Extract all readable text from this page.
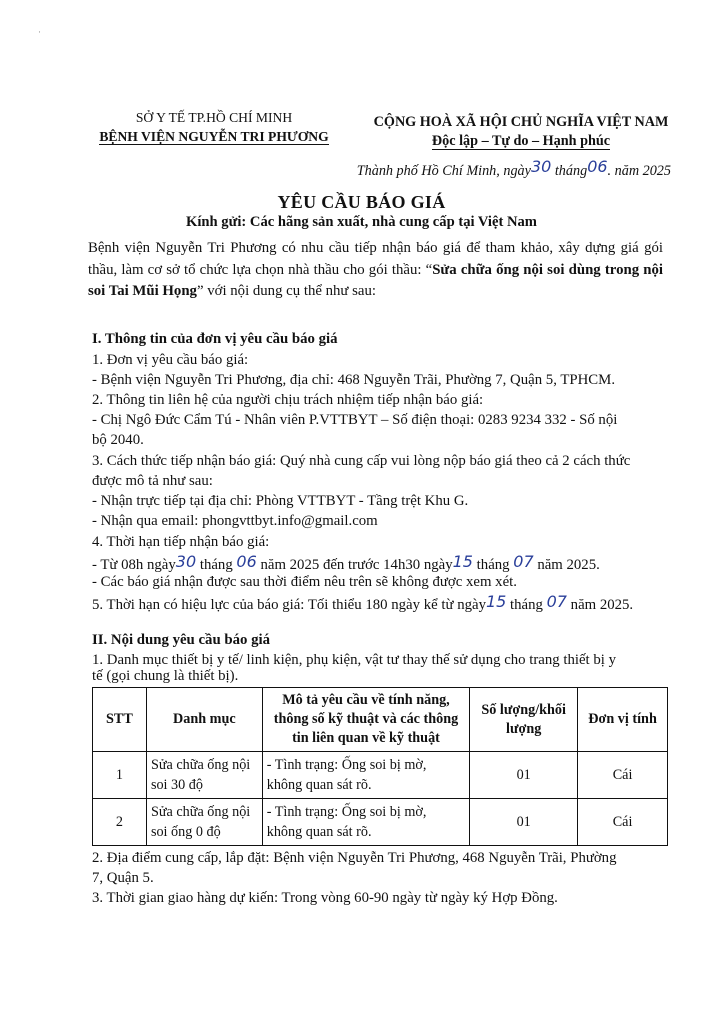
·
SỞ Y TẾ TP.HỒ CHÍ MINH
BỆNH VIỆN NGUYỄN TRI PHƯƠNG
CỘNG HOÀ XÃ HỘI CHỦ NGHĨA VIỆT NAM
Độc lập – Tự do – Hạnh phúc
Thành phố Hồ Chí Minh, ngày30 tháng06. năm 2025
YÊU CẦU BÁO GIÁ
Kính gửi: Các hãng sản xuất, nhà cung cấp tại Việt Nam
Bệnh viện Nguyễn Tri Phương có nhu cầu tiếp nhận báo giá để tham khảo, xây dựng giá gói thầu, làm cơ sở tổ chức lựa chọn nhà thầu cho gói thầu: “Sửa chữa ống nội soi dùng trong nội soi Tai Mũi Họng” với nội dung cụ thể như sau:
I. Thông tin của đơn vị yêu cầu báo giá
1. Đơn vị yêu cầu báo giá:
- Bệnh viện Nguyễn Tri Phương, địa chỉ: 468 Nguyễn Trãi, Phường 7, Quận 5, TPHCM.
2. Thông tin liên hệ của người chịu trách nhiệm tiếp nhận báo giá:
- Chị Ngô Đức Cẩm Tú - Nhân viên P.VTTBYT – Số điện thoại: 0283 9234 332 - Số nội
bộ 2040.
3. Cách thức tiếp nhận báo giá: Quý nhà cung cấp vui lòng nộp báo giá theo cả 2 cách thức
được mô tả như sau:
- Nhận trực tiếp tại địa chỉ: Phòng VTTBYT - Tầng trệt Khu G.
- Nhận qua email: phongvttbyt.info@gmail.com
4. Thời hạn tiếp nhận báo giá:
- Từ 08h ngày30 tháng 06 năm 2025 đến trước 14h30 ngày15 tháng 07 năm 2025.
- Các báo giá nhận được sau thời điểm nêu trên sẽ không được xem xét.
5. Thời hạn có hiệu lực của báo giá: Tối thiểu 180 ngày kể từ ngày15 tháng 07 năm 2025.
II. Nội dung yêu cầu báo giá
1. Danh mục thiết bị y tế/ linh kiện, phụ kiện, vật tư thay thế sử dụng cho trang thiết bị y
tế (gọi chung là thiết bị).
STT	Danh mục	Mô tả yêu cầu về tính năng, thông số kỹ thuật và các thông tin liên quan về kỹ thuật	Số lượng/khối lượng	Đơn vị tính
1	Sửa chữa ống nội soi 30 độ	- Tình trạng: Ống soi bị mờ, không quan sát rõ.	01	Cái
2	Sửa chữa ống nội soi ống 0 độ	- Tình trạng: Ống soi bị mờ, không quan sát rõ.	01	Cái
2. Địa điểm cung cấp, lắp đặt: Bệnh viện Nguyễn Tri Phương, 468 Nguyễn Trãi, Phường
7, Quận 5.
3. Thời gian giao hàng dự kiến: Trong vòng 60-90 ngày từ ngày ký Hợp Đồng.
